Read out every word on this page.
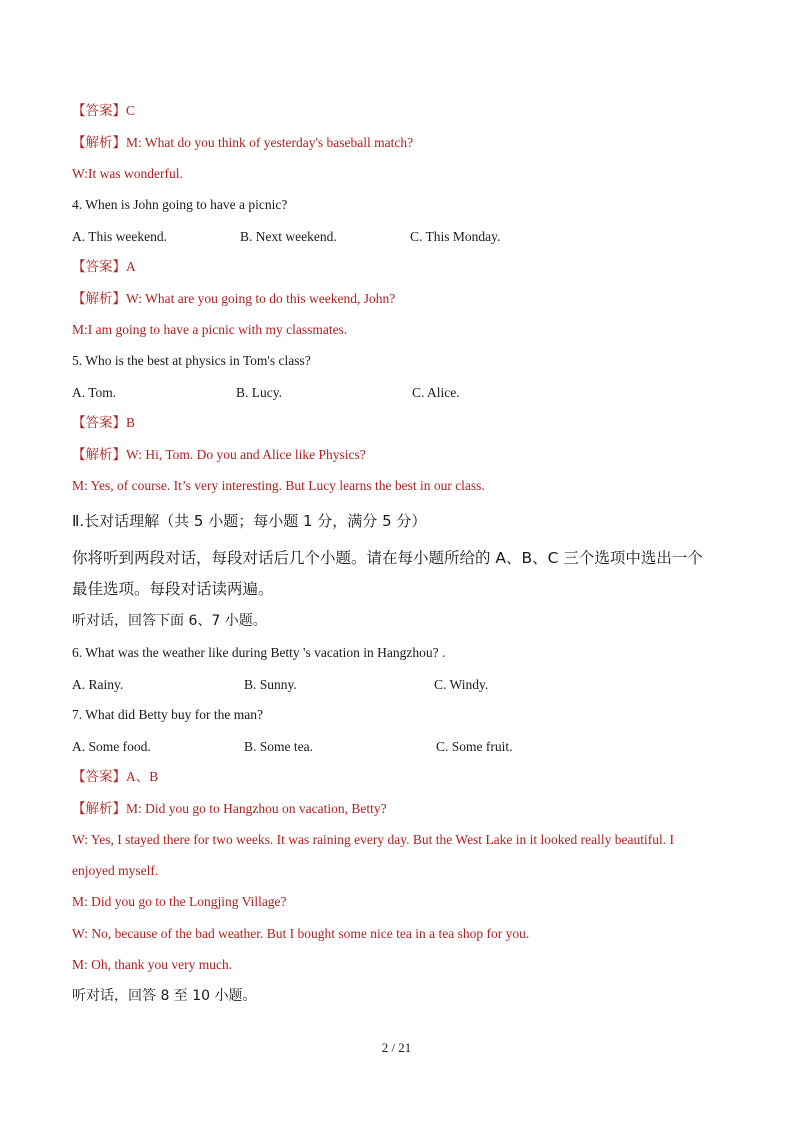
【答案】C
【解析】M: What do you think of yesterday's baseball match?
W:It was wonderful.
4. When is John going to have a picnic?
A. This weekend.	B. Next weekend.	C. This Monday.
【答案】A
【解析】W: What are you going to do this weekend, John?
M:I am going to have a picnic with my classmates.
5. Who is the best at physics in Tom's class?
A. Tom.	B. Lucy.	C. Alice.
【答案】B
【解析】W: Hi, Tom. Do you and Alice like Physics?
M: Yes, of course. It’s very interesting. But Lucy learns the best in our class.
Ⅱ.长对话理解（共 5 小题；每小题 1 分，满分 5 分）
你将听到两段对话，每段对话后几个小题。请在每小题所给的 A、B、C 三个选项中选出一个
最佳选项。每段对话读两遍。
听对话，回答下面 6、7 小题。
6. What was the weather like during Betty 's vacation in Hangzhou? .
A. Rainy.	B. Sunny.	C. Windy.
7. What did Betty buy for the man?
A. Some food.	B. Some tea.	C. Some fruit.
【答案】A、B
【解析】M: Did you go to Hangzhou on vacation, Betty?
W: Yes, I stayed there for two weeks. It was raining every day. But the West Lake in it looked really beautiful. I
enjoyed myself.
M: Did you go to the Longjing Village?
W: No, because of the bad weather. But I bought some nice tea in a tea shop for you.
M: Oh, thank you very much.
听对话，回答 8 至 10 小题。
2 / 21
